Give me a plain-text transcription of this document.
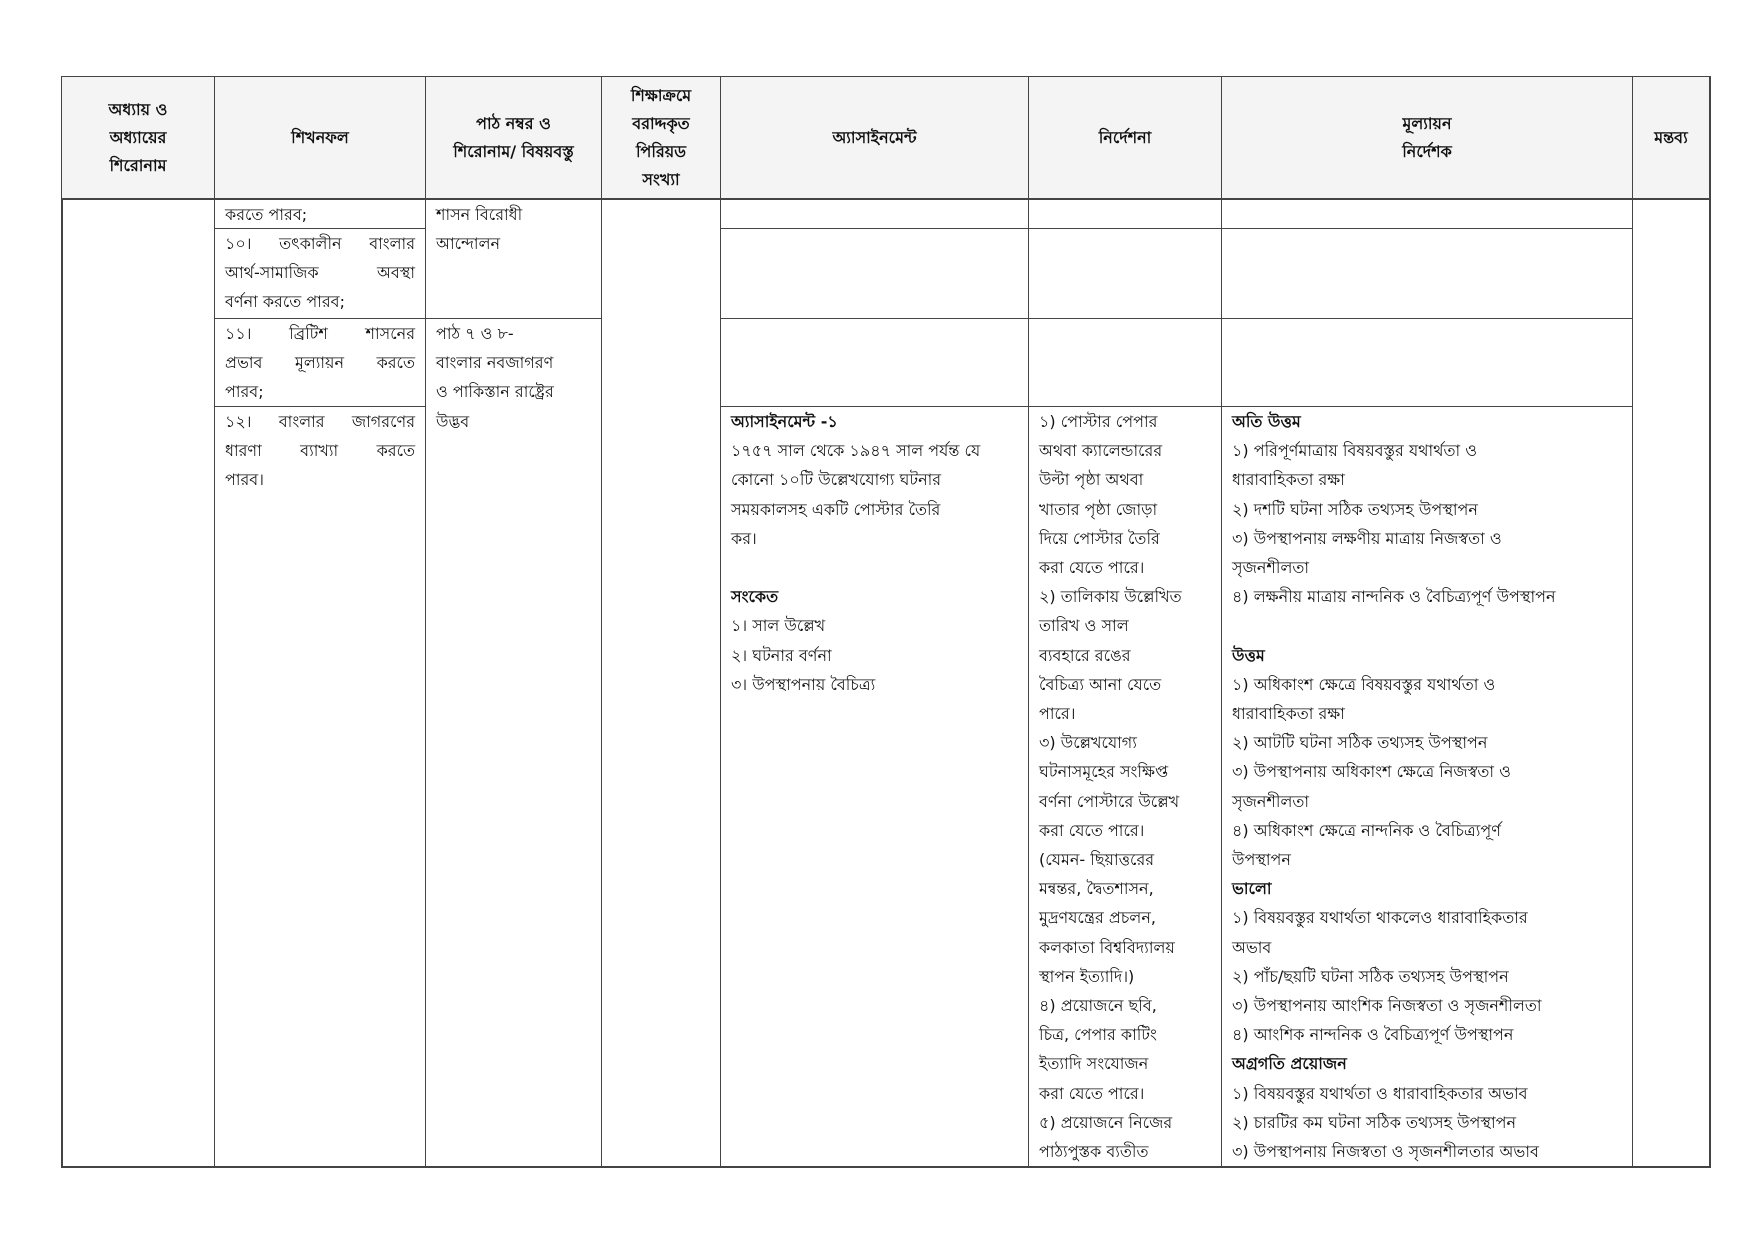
অধ্যায় ও
অধ্যায়ের
শিরোনাম
শিখনফল
পাঠ নম্বর ও
শিরোনাম/ বিষয়বস্তু
শিক্ষাক্রমে
বরাদ্দকৃত
পিরিয়ড
সংখ্যা
অ্যাসাইনমেন্ট	নির্দেশনা
মূল্যায়ন
নির্দেশক
মন্তব্য
করতে পারব;
১০। তৎকালীন বাংলার
আর্থ-সামাজিক অবস্থা
বর্ণনা করতে পারব;
১১। ব্রিটিশ শাসনের
প্রভাব মূল্যায়ন করতে
পারব;
১২। বাংলার জাগরণের
ধারণা ব্যাখ্যা করতে
পারব।
শাসন বিরোধী
আন্দোলন
পাঠ ৭ ও ৮-
বাংলার নবজাগরণ
ও পাকিস্তান রাষ্ট্রের
উদ্ভব	অ্যাসাইনমেন্ট -১
১৭৫৭ সাল থেকে ১৯৪৭ সাল পর্যন্ত যে
কোনো ১০টি উল্লেখযোগ্য ঘটনার
সময়কালসহ একটি পোস্টার তৈরি
কর।
সংকেত
১। সাল উল্লেখ
২। ঘটনার বর্ণনা
৩। উপস্থাপনায় বৈচিত্র্য
১) পোস্টার পেপার
অথবা ক্যালেন্ডারের
উল্টা পৃষ্ঠা অথবা
খাতার পৃষ্ঠা জোড়া
দিয়ে পোস্টার তৈরি
করা যেতে পারে।
২) তালিকায় উল্লেখিত
তারিখ ও সাল
ব্যবহারে রঙের
বৈচিত্র্য আনা যেতে
পারে।
৩) উল্লেখযোগ্য
ঘটনাসমূহের সংক্ষিপ্ত
বর্ণনা পোস্টারে উল্লেখ
করা যেতে পারে।
(যেমন- ছিয়াত্তরের
মন্বন্তর, দ্বৈতশাসন,
মুদ্রণযন্ত্রের প্রচলন,
কলকাতা বিশ্ববিদ্যালয়
স্থাপন ইত্যাদি।)
৪) প্রয়োজনে ছবি,
চিত্র, পেপার কাটিং
ইত্যাদি সংযোজন
করা যেতে পারে।
৫) প্রয়োজনে নিজের
পাঠ্যপুস্তক ব্যতীত
অতি উত্তম
১) পরিপূর্ণমাত্রায় বিষয়বস্তুর যথার্থতা ও
ধারাবাহিকতা রক্ষা
২) দশটি ঘটনা সঠিক তথ্যসহ উপস্থাপন
৩) উপস্থাপনায় লক্ষণীয় মাত্রায় নিজস্বতা ও
সৃজনশীলতা
৪) লক্ষনীয় মাত্রায় নান্দনিক ও বৈচিত্র্যপূর্ণ উপস্থাপন
উত্তম
১) অধিকাংশ ক্ষেত্রে বিষয়বস্তুর যথার্থতা ও
ধারাবাহিকতা রক্ষা
২) আটটি ঘটনা সঠিক তথ্যসহ উপস্থাপন
৩) উপস্থাপনায় অধিকাংশ ক্ষেত্রে নিজস্বতা ও
সৃজনশীলতা
৪) অধিকাংশ ক্ষেত্রে নান্দনিক ও বৈচিত্র্যপূর্ণ
উপস্থাপন
ভালো
১) বিষয়বস্তুর যথার্থতা থাকলেও ধারাবাহিকতার
অভাব
২) পাঁচ/ছয়টি ঘটনা সঠিক তথ্যসহ উপস্থাপন
৩) উপস্থাপনায় আংশিক নিজস্বতা ও সৃজনশীলতা
৪) আংশিক নান্দনিক ও বৈচিত্র্যপূর্ণ উপস্থাপন
অগ্রগতি প্রয়োজন
১) বিষয়বস্তুর যথার্থতা ও ধারাবাহিকতার অভাব
২) চারটির কম ঘটনা সঠিক তথ্যসহ উপস্থাপন
৩) উপস্থাপনায় নিজস্বতা ও সৃজনশীলতার অভাব
